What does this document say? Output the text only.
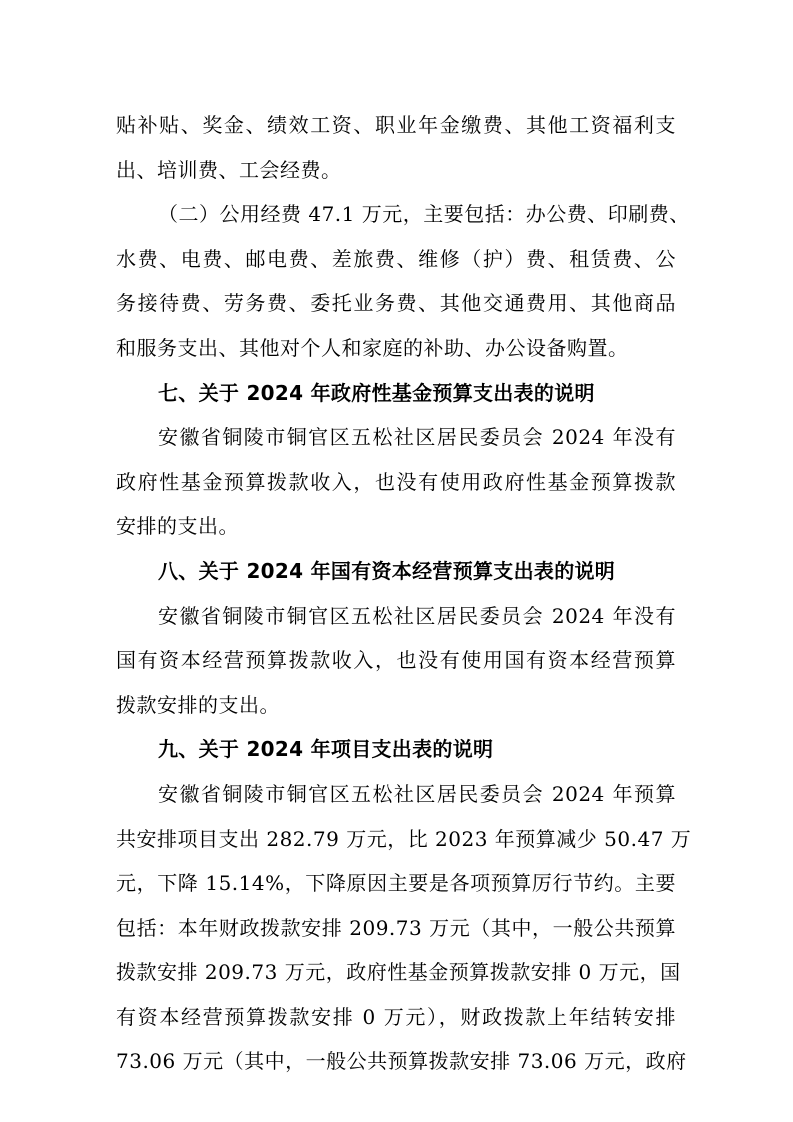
贴补贴、奖金、绩效工资、职业年金缴费、其他工资福利支
出、培训费、工会经费。
（二）公用经费 47.1 万元，主要包括：办公费、印刷费、
水费、电费、邮电费、差旅费、维修（护）费、租赁费、公
务接待费、劳务费、委托业务费、其他交通费用、其他商品
和服务支出、其他对个人和家庭的补助、办公设备购置。
七、关于 2024 年政府性基金预算支出表的说明
安徽省铜陵市铜官区五松社区居民委员会 2024 年没有
政府性基金预算拨款收入，也没有使用政府性基金预算拨款
安排的支出。
八、关于 2024 年国有资本经营预算支出表的说明
安徽省铜陵市铜官区五松社区居民委员会 2024 年没有
国有资本经营预算拨款收入，也没有使用国有资本经营预算
拨款安排的支出。
九、关于 2024 年项目支出表的说明
安徽省铜陵市铜官区五松社区居民委员会 2024 年预算
共安排项目支出 282.79 万元，比 2023 年预算减少 50.47 万
元，下降 15.14%，下降原因主要是各项预算厉行节约。主要
包括：本年财政拨款安排 209.73 万元（其中，一般公共预算
拨款安排 209.73 万元，政府性基金预算拨款安排 0 万元，国
有资本经营预算拨款安排 0 万元），财政拨款上年结转安排
73.06 万元（其中，一般公共预算拨款安排 73.06 万元，政府
